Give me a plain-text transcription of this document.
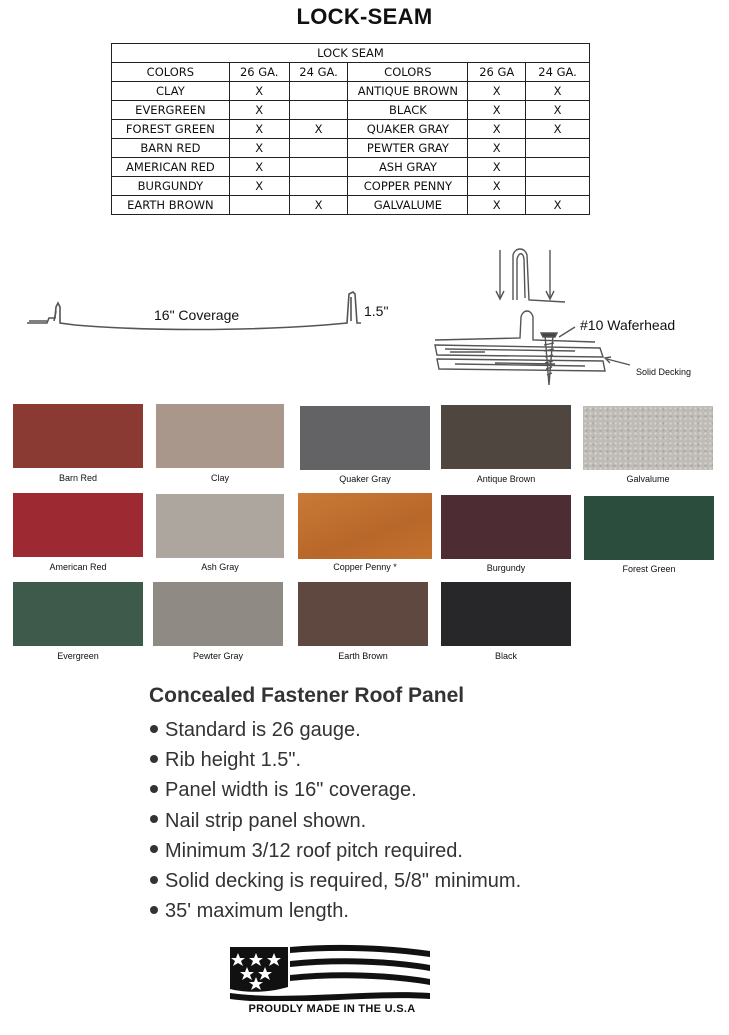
LOCK-SEAM
LOCK SEAM					
COLORS	26 GA.	24 GA.	COLORS	26 GA	24 GA.
CLAY	X		ANTIQUE BROWN	X	X
EVERGREEN	X		BLACK	X	X
FOREST GREEN	X	X	QUAKER GRAY	X	X
BARN RED	X		PEWTER GRAY	X	
AMERICAN RED	X		ASH GRAY	X	
BURGUNDY	X		COPPER PENNY	X	
EARTH BROWN		X	GALVALUME	X	X
16" Coverage	1.5"
#10 Waferhead
Solid Decking
Barn Red	Clay	Quaker Gray	Antique Brown	Galvalume
American Red	Ash Gray	Copper Penny *	Burgundy	Forest Green
Evergreen	Pewter Gray	Earth Brown	Black
Concealed Fastener Roof Panel
Standard is 26 gauge.
Rib height 1.5".
Panel width is 16" coverage.
Nail strip panel shown.
Minimum 3/12 roof pitch required.
Solid decking is required, 5/8" minimum.
35' maximum length.
PROUDLY MADE IN THE U.S.A
